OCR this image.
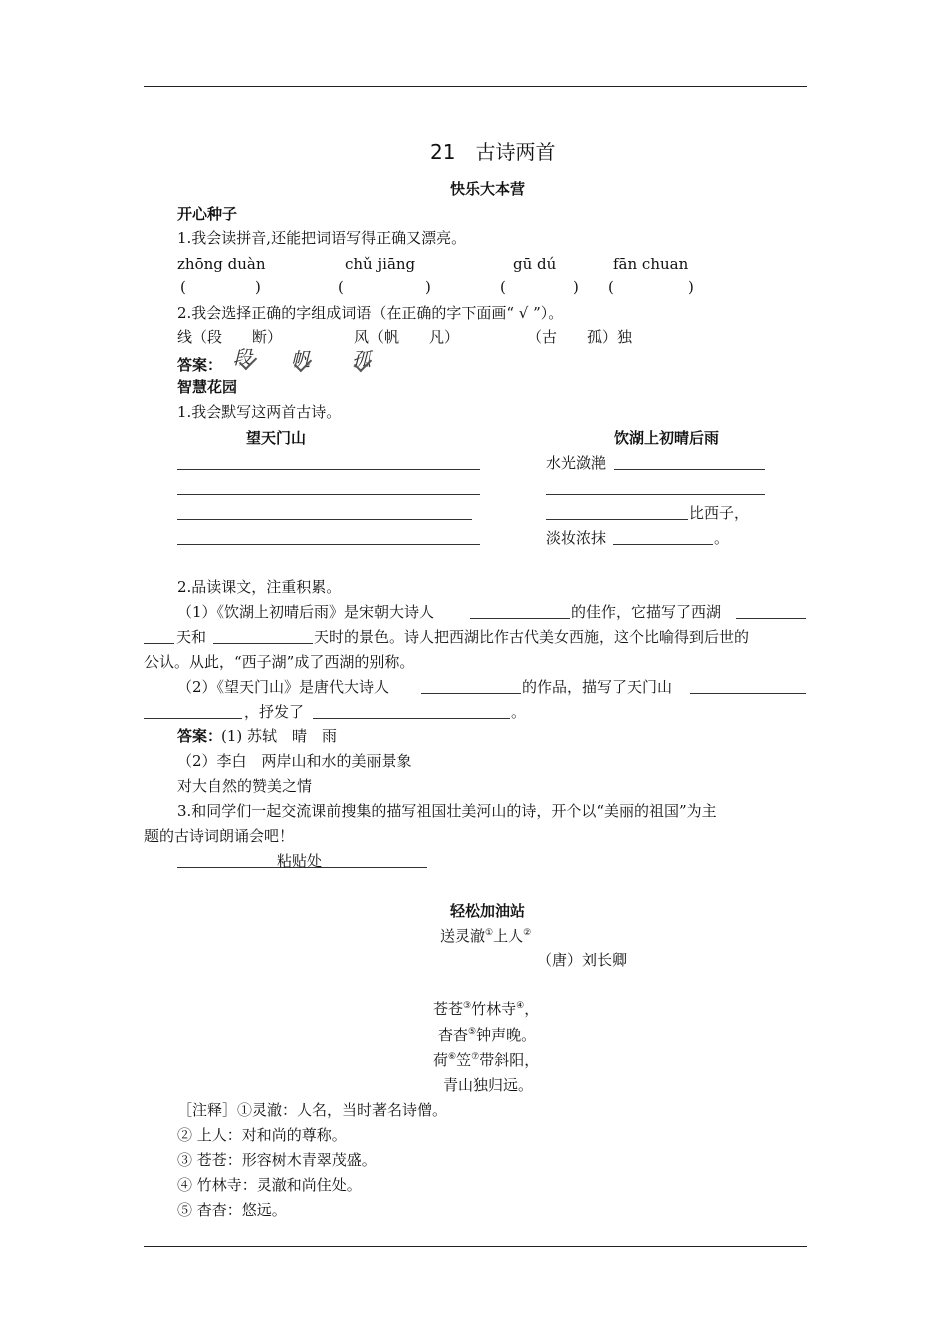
21　古诗两首
快乐大本营
开心种子
1.我会读拼音,还能把词语写得正确又漂亮。
zhōng duàn	chǔ jiāng	gū dú	fān chuan
(	)	(	)	(	) (	)
2.我会选择正确的字组成词语（在正确的字下面画“ √ ”）。
线（段　　断）	风（帆　　凡）	（古　　孤）独
答案： 段 帆 孤
智慧花园
1.我会默写这两首古诗。
望天门山	饮湖上初晴后雨
水光潋滟
比西子，
淡妆浓抹	。
2.品读课文，注重积累。
（1）《饮湖上初晴后雨》是宋朝大诗人	的佳作，它描写了西湖
天和	天时的景色。诗人把西湖比作古代美女西施，这个比喻得到后世的
公认。从此，“西子湖”成了西湖的别称。
（2）《望天门山》是唐代大诗人	的作品，描写了天门山
，抒发了	。
答案：
(1) 苏轼　晴　雨
（2）李白　两岸山和水的美丽景象
对大自然的赞美之情
3.和同学们一起交流课前搜集的描写祖国壮美河山的诗，开个以“美丽的祖国”为主
题的古诗词朗诵会吧！
粘贴处
轻松加油站
送灵澈①上人②
（唐）刘长卿
苍苍③竹林寺④，
杳杳⑤钟声晚。
荷⑥笠⑦带斜阳，
青山独归远。
［注释］①灵澈：人名，当时著名诗僧。
② 上人：对和尚的尊称。
③ 苍苍：形容树木青翠茂盛。
④ 竹林寺：灵澈和尚住处。
⑤ 杳杳：悠远。
